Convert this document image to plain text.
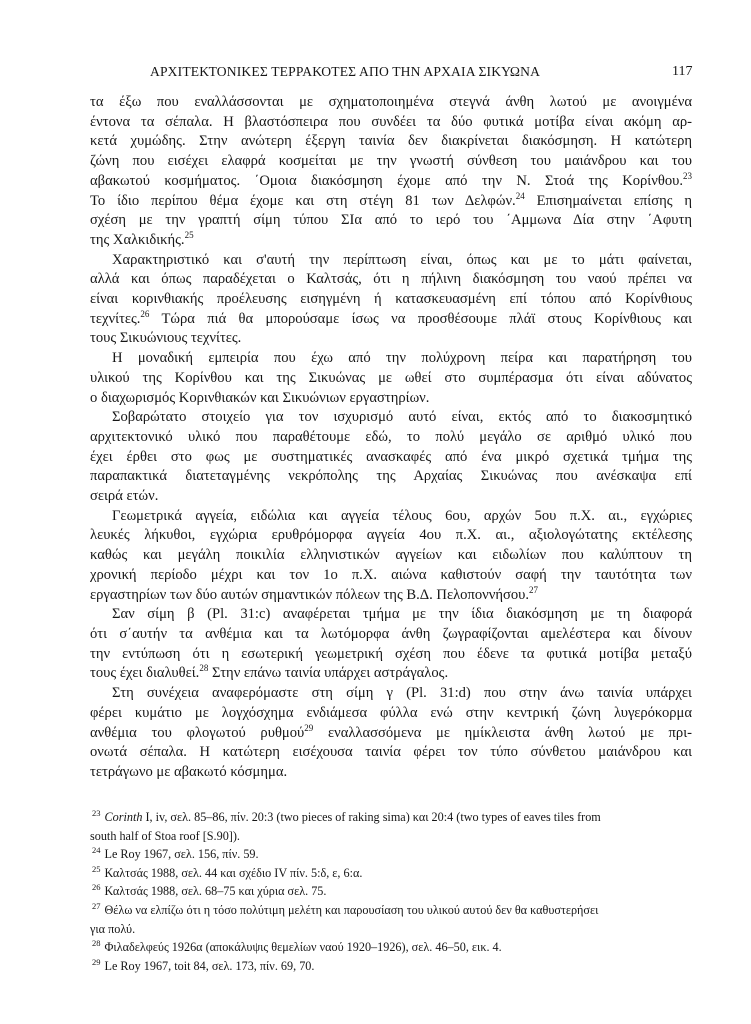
ΑΡΧΙΤΕΚΤΟΝΙΚΕΣ ΤΕΡΡΑΚΟΤΕΣ ΑΠΟ ΤΗΝ ΑΡΧΑΙΑ ΣΙΚΥΩΝΑ	117

τα έξω που εναλλάσσονται με σχηματοποιημένα στεγνά άνθη λωτού με ανοιγμένα
έντονα τα σέπαλα. Η βλαστόσπειρα που συνδέει τα δύο φυτικά μοτίβα είναι ακόμη αρ-
κετά χυμώδης. Στην ανώτερη έξεργη ταινία δεν διακρίνεται διακόσμηση. Η κατώτερη
ζώνη που εισέχει ελαφρά κοσμείται με την γνωστή σύνθεση του μαιάνδρου και του
αβακωτού κοσμήματος. ΄Ομοια διακόσμηση έχομε από την Ν. Στοά της Κορίνθου.$^{23}$
Το ίδιο περίπου θέμα έχομε και στη στέγη 81 των Δελφών.$^{24}$ Επισημαίνεται επίσης η
σχέση με την γραπτή σίμη τύπου ΣΙα από το ιερό του ΄Αμμωνα Δία στην ΄Αφυτη
της Χαλκιδικής.$^{25}$

Χαρακτηριστικό και σ'αυτή την περίπτωση είναι, όπως και με το μάτι φαίνεται,
αλλά και όπως παραδέχεται ο Καλτσάς, ότι η πήλινη διακόσμηση του ναού πρέπει να
είναι κορινθιακής προέλευσης εισηγμένη ή κατασκευασμένη επί τόπου από Κορίνθιους
τεχνίτες.$^{26}$ Τώρα πιά θα μπορούσαμε ίσως να προσθέσουμε πλάϊ στους Κορίνθιους και
τους Σικυώνιους τεχνίτες.

Η μοναδική εμπειρία που έχω από την πολύχρονη πείρα και παρατήρηση του
υλικού της Κορίνθου και της Σικυώνας με ωθεί στο συμπέρασμα ότι είναι αδύνατος
ο διαχωρισμός Κορινθιακών και Σικυώνιων εργαστηρίων.

Σοβαρώτατο στοιχείο για τον ισχυρισμό αυτό είναι, εκτός από το διακοσμητικό
αρχιτεκτονικό υλικό που παραθέτουμε εδώ, το πολύ μεγάλο σε αριθμό υλικό που
έχει έρθει στο φως με συστηματικές ανασκαφές από ένα μικρό σχετικά τμήμα της
παραπακτικά διατεταγμένης νεκρόπολης της Αρχαίας Σικυώνας που ανέσκαψα επί
σειρά ετών.

Γεωμετρικά αγγεία, ειδώλια και αγγεία τέλους 6ου, αρχών 5ου π.Χ. αι., εγχώριες
λευκές λήκυθοι, εγχώρια ερυθρόμορφα αγγεία 4ου π.Χ. αι., αξιολογώτατης εκτέλεσης
καθώς και μεγάλη ποικιλία ελληνιστικών αγγείων και ειδωλίων που καλύπτουν τη
χρονική περίοδο μέχρι και τον 1ο π.Χ. αιώνα καθιστούν σαφή την ταυτότητα των
εργαστηρίων των δύο αυτών σημαντικών πόλεων της Β.Δ. Πελοποννήσου.$^{27}$

Σαν σίμη β (Pl. 31:c) αναφέρεται τμήμα με την ίδια διακόσμηση με τη διαφορά
ότι σ΄αυτήν τα ανθέμια και τα λωτόμορφα άνθη ζωγραφίζονται αμελέστερα και δίνουν
την εντύπωση ότι η εσωτερική γεωμετρική σχέση που έδενε τα φυτικά μοτίβα μεταξύ
τους έχει διαλυθεί.$^{28}$ Στην επάνω ταινία υπάρχει αστράγαλος.

Στη συνέχεια αναφερόμαστε στη σίμη γ (Pl. 31:d) που στην άνω ταινία υπάρχει
φέρει κυμάτιο με λογχόσχημα ενδιάμεσα φύλλα ενώ στην κεντρική ζώνη λυγερόκορμα
ανθέμια του φλογωτού ρυθμού$^{29}$ εναλλασσόμενα με ημίκλειστα άνθη λωτού με πρι-
ονωτά σέπαλα. Η κατώτερη εισέχουσα ταινία φέρει τον τύπο σύνθετου μαιάνδρου και
τετράγωνο με αβακωτό κόσμημα.

$^{23}$ Corinth I, iv, σελ. 85–86, πίν. 20:3 (two pieces of raking sima) και 20:4 (two types of eaves tiles from

south half of Stoa roof [S.90]).

$^{24}$ Le Roy 1967, σελ. 156, πίν. 59.

$^{25}$ Καλτσάς 1988, σελ. 44 και σχέδιο IV πίν. 5:δ, ε, 6:α.

$^{26}$ Καλτσάς 1988, σελ. 68–75 και χύρια σελ. 75.

$^{27}$ Θέλω να ελπίζω ότι η τόσο πολύτιμη μελέτη και παρουσίαση του υλικού αυτού δεν θα καθυστερήσει

για πολύ.

$^{28}$ Φιλαδελφεύς 1926α (αποκάλυψις θεμελίων ναού 1920–1926), σελ. 46–50, εικ. 4.

$^{29}$ Le Roy 1967, toit 84, σελ. 173, πίν. 69, 70.
